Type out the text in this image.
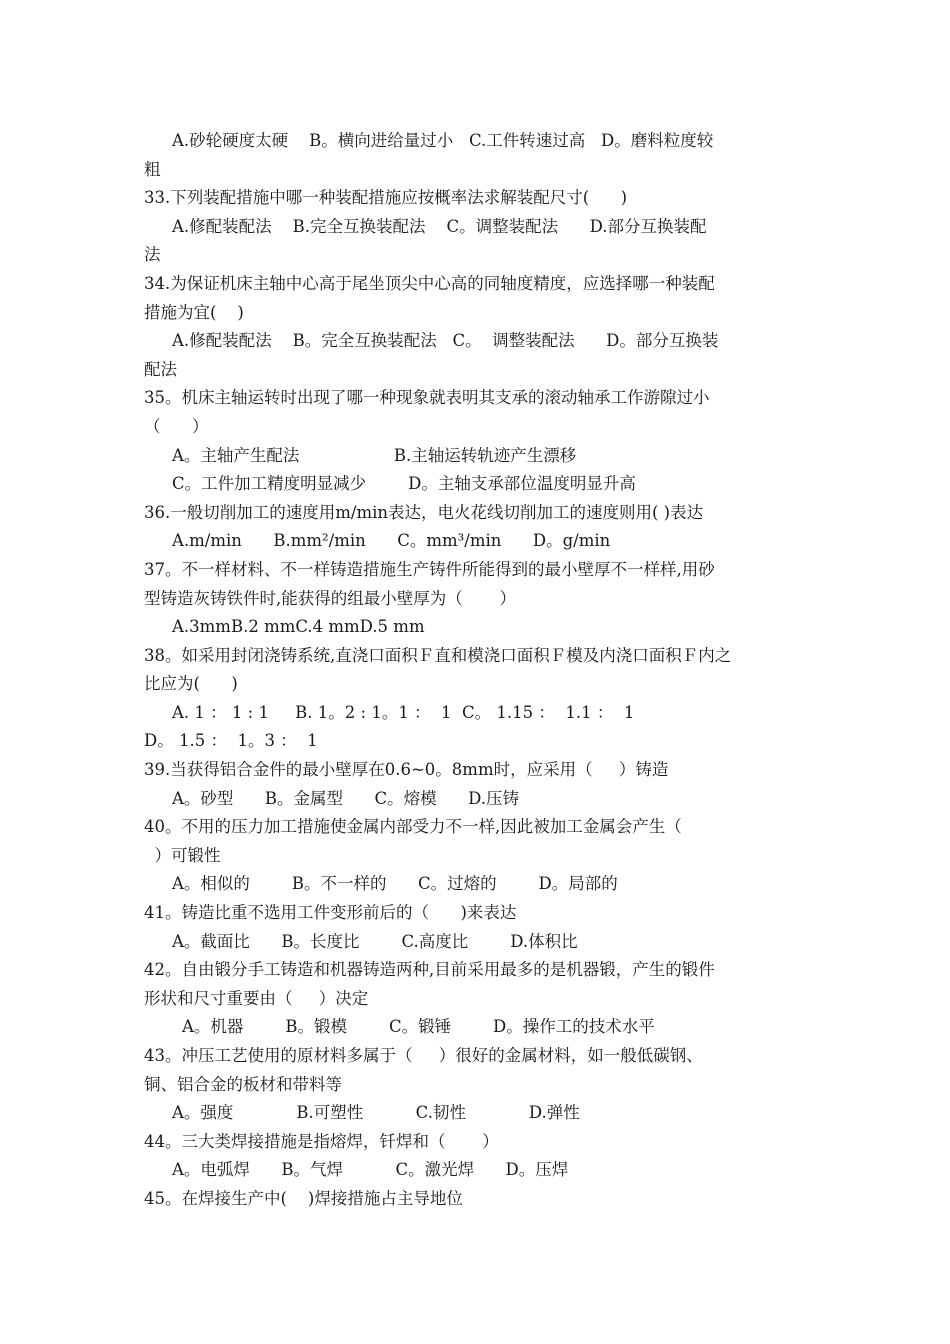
A.砂轮硬度太硬    B。横向进给量过小   C.工件转速过高   D。磨料粒度较
粗
33.下列装配措施中哪一种装配措施应按概率法求解装配尺寸(      )
A.修配装配法    B.完全互换装配法    C。调整装配法      D.部分互换装配
法
34.为保证机床主轴中心高于尾坐顶尖中心高的同轴度精度，应选择哪一种装配
措施为宜(    )
A.修配装配法    B。完全互换装配法   C。  调整装配法      D。部分互换装
配法
35。机床主轴运转时出现了哪一种现象就表明其支承的滚动轴承工作游隙过小
（      ）
A。主轴产生配法                  B.主轴运转轨迹产生漂移
C。工件加工精度明显减少        D。主轴支承部位温度明显升高
36.一般切削加工的速度用m/min表达，电火花线切削加工的速度则用( )表达
A.m/min      B.mm²/min      C。mm³/min      D。g/min
37。不一样材料、不一样铸造措施生产铸件所能得到的最小壁厚不一样样,用砂
型铸造灰铸铁件时,能获得的组最小壁厚为（       ）
A.3mmB.2 mmC.4 mmD.5 mm
38。如采用封闭浇铸系统,直浇口面积Ｆ直和模浇口面积Ｆ模及内浇口面积Ｆ内之
比应为(      )
A. 1 ： 1 : 1     B. 1。2 : 1。1 ：  1  C。 1.15 ：  1.1 ：  1
D。 1.5 ：  1。3 ：  1
39.当获得铝合金件的最小壁厚在0.6~0。8mm时，应采用（     ）铸造
A。砂型      B。金属型      C。熔模      D.压铸
40。不用的压力加工措施使金属内部受力不一样,因此被加工金属会产生（
）可锻性
A。相似的        B。不一样的      C。过熔的        D。局部的
41。铸造比重不选用工件变形前后的（      )来表达
A。截面比      B。长度比        C.高度比        D.体积比
42。自由锻分手工铸造和机器铸造两种,目前采用最多的是机器锻，产生的锻件
形状和尺寸重要由（     ）决定
A。机器        B。锻模        C。锻锤        D。操作工的技术水平
43。冲压工艺使用的原材料多属于（     ）很好的金属材料，如一般低碳钢、
铜、铝合金的板材和带料等
A。强度            B.可塑性          C.韧性            D.弹性
44。三大类焊接措施是指熔焊，钎焊和（       ）
A。电弧焊      B。气焊          C。激光焊      D。压焊
45。在焊接生产中(    )焊接措施占主导地位
